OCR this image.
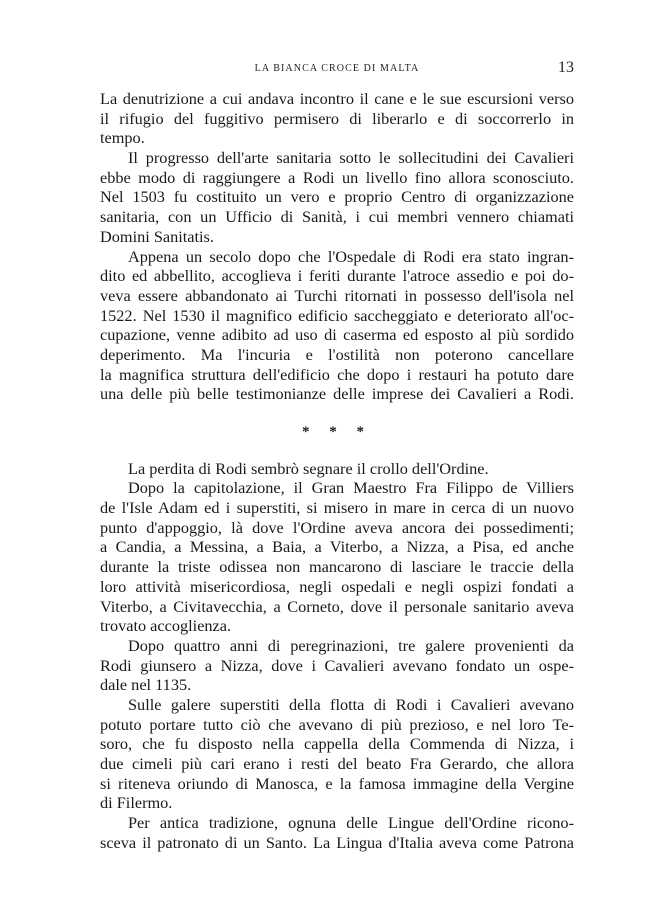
LA BIANCA CROCE DI MALTA	13
La denutrizione a cui andava incontro il cane e le sue escursioni verso
il rifugio del fuggitivo permisero di liberarlo e di soccorrerlo in
tempo.
Il progresso dell'arte sanitaria sotto le sollecitudini dei Cavalieri
ebbe modo di raggiungere a Rodi un livello fino allora sconosciuto.
Nel 1503 fu costituito un vero e proprio Centro di organizzazione
sanitaria, con un Ufficio di Sanità, i cui membri vennero chiamati
Domini Sanitatis.
Appena un secolo dopo che l'Ospedale di Rodi era stato ingran-
dito ed abbellito, accoglieva i feriti durante l'atroce assedio e poi do-
veva essere abbandonato ai Turchi ritornati in possesso dell'isola nel
1522. Nel 1530 il magnifico edificio saccheggiato e deteriorato all'oc-
cupazione, venne adibito ad uso di caserma ed esposto al più sordido
deperimento. Ma l'incuria e l'ostilità non poterono cancellare
la magnifica struttura dell'edificio che dopo i restauri ha potuto dare
una delle più belle testimonianze delle imprese dei Cavalieri a Rodi.
* * *
La perdita di Rodi sembrò segnare il crollo dell'Ordine.
Dopo la capitolazione, il Gran Maestro Fra Filippo de Villiers
de l'Isle Adam ed i superstiti, si misero in mare in cerca di un nuovo
punto d'appoggio, là dove l'Ordine aveva ancora dei possedimenti;
a Candia, a Messina, a Baia, a Viterbo, a Nizza, a Pisa, ed anche
durante la triste odissea non mancarono di lasciare le traccie della
loro attività misericordiosa, negli ospedali e negli ospizi fondati a
Viterbo, a Civitavecchia, a Corneto, dove il personale sanitario aveva
trovato accoglienza.
Dopo quattro anni di peregrinazioni, tre galere provenienti da
Rodi giunsero a Nizza, dove i Cavalieri avevano fondato un ospe-
dale nel 1135.
Sulle galere superstiti della flotta di Rodi i Cavalieri avevano
potuto portare tutto ciò che avevano di più prezioso, e nel loro Te-
soro, che fu disposto nella cappella della Commenda di Nizza, i
due cimeli più cari erano i resti del beato Fra Gerardo, che allora
si riteneva oriundo di Manosca, e la famosa immagine della Vergine
di Filermo.
Per antica tradizione, ognuna delle Lingue dell'Ordine ricono-
sceva il patronato di un Santo. La Lingua d'Italia aveva come Patrona
